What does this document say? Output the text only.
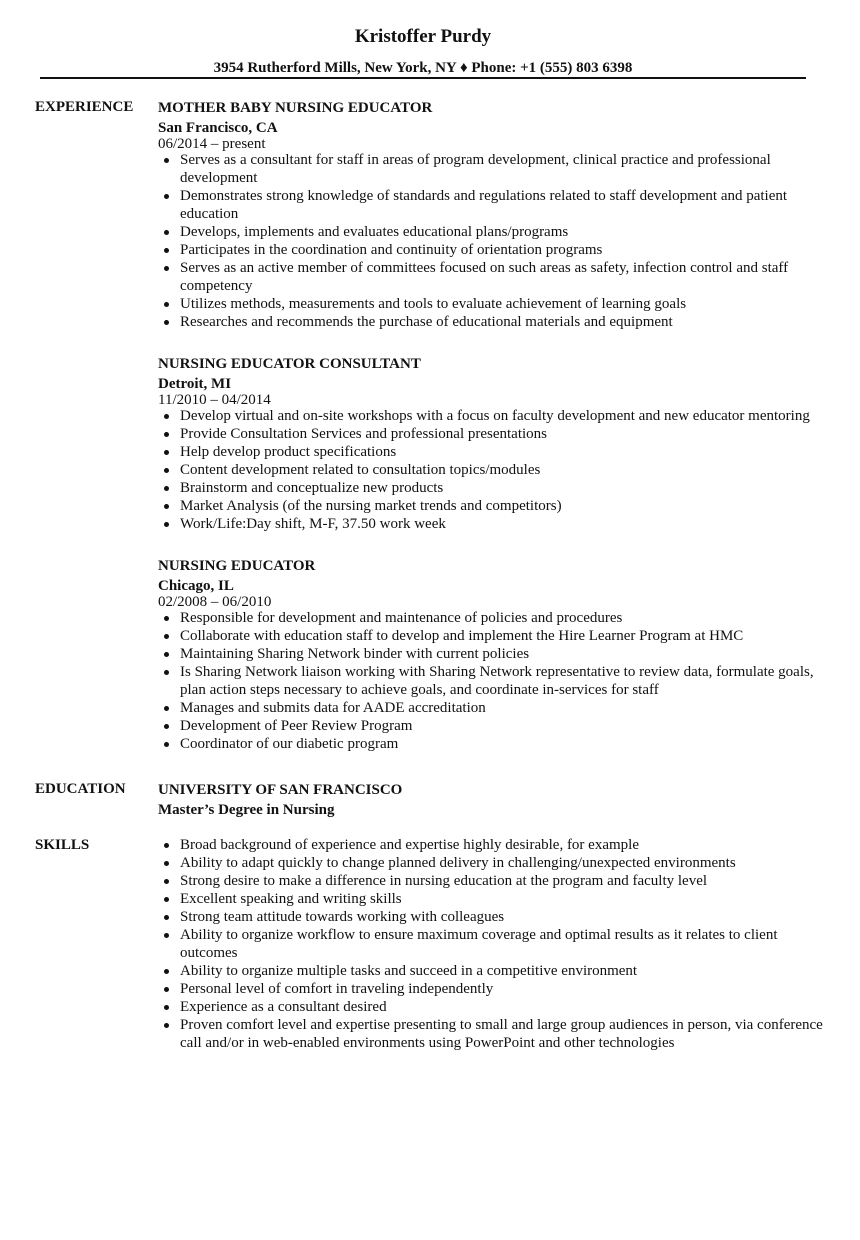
Kristoffer Purdy
3954 Rutherford Mills, New York, NY ♦ Phone: +1 (555) 803 6398
EXPERIENCE MOTHER BABY NURSING EDUCATOR
San Francisco, CA
06/2014 – present
Serves as a consultant for staff in areas of program development, clinical practice and professional development
Demonstrates strong knowledge of standards and regulations related to staff development and patient education
Develops, implements and evaluates educational plans/programs
Participates in the coordination and continuity of orientation programs
Serves as an active member of committees focused on such areas as safety, infection control and staff competency
Utilizes methods, measurements and tools to evaluate achievement of learning goals
Researches and recommends the purchase of educational materials and equipment
NURSING EDUCATOR CONSULTANT
Detroit, MI
11/2010 – 04/2014
Develop virtual and on-site workshops with a focus on faculty development and new educator mentoring
Provide Consultation Services and professional presentations
Help develop product specifications
Content development related to consultation topics/modules
Brainstorm and conceptualize new products
Market Analysis (of the nursing market trends and competitors)
Work/Life:Day shift, M-F, 37.50 work week
NURSING EDUCATOR
Chicago, IL
02/2008 – 06/2010
Responsible for development and maintenance of policies and procedures
Collaborate with education staff to develop and implement the Hire Learner Program at HMC
Maintaining Sharing Network binder with current policies
Is Sharing Network liaison working with Sharing Network representative to review data, formulate goals, plan action steps necessary to achieve goals, and coordinate in-services for staff
Manages and submits data for AADE accreditation
Development of Peer Review Program
Coordinator of our diabetic program
EDUCATION UNIVERSITY OF SAN FRANCISCO
Master’s Degree in Nursing
SKILLS	Broad background of experience and expertise highly desirable, for example
Ability to adapt quickly to change planned delivery in challenging/unexpected environments
Strong desire to make a difference in nursing education at the program and faculty level
Excellent speaking and writing skills
Strong team attitude towards working with colleagues
Ability to organize workflow to ensure maximum coverage and optimal results as it relates to client outcomes
Ability to organize multiple tasks and succeed in a competitive environment
Personal level of comfort in traveling independently
Experience as a consultant desired
Proven comfort level and expertise presenting to small and large group audiences in person, via conference call and/or in web-enabled environments using PowerPoint and other technologies
